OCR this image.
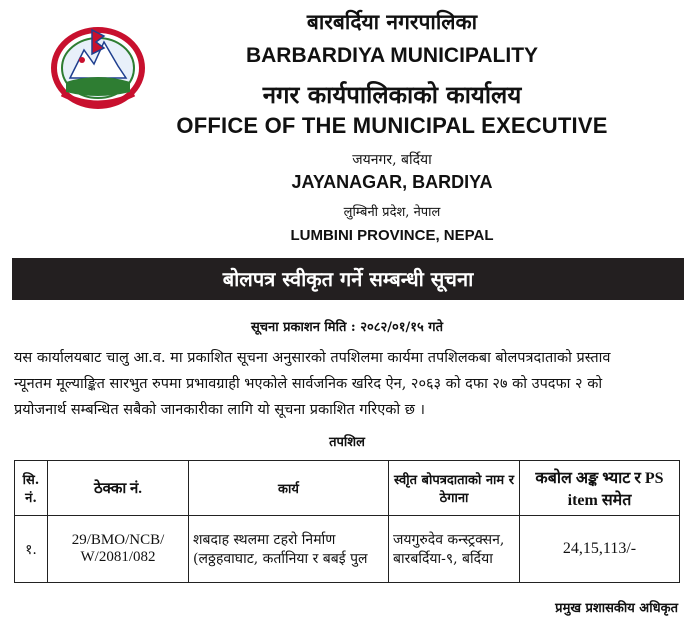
बारबर्दिया नगरपालिका
BARBARDIYA MUNICIPALITY
नगर कार्यपालिकाको कार्यालय
OFFICE OF THE MUNICIPAL EXECUTIVE
जयनगर, बर्दिया
JAYANAGAR, BARDIYA
लुम्बिनी प्रदेश, नेपाल
LUMBINI PROVINCE, NEPAL
बोलपत्र स्वीकृत गर्ने सम्बन्धी सूचना
सूचना प्रकाशन मिति : २०८२/०१/१५ गते
यस कार्यालयबाट चालु आ.व. मा प्रकाशित सूचना अनुसारको तपशिलमा कार्यमा तपशिलकबा बोलपत्रदाताको प्रस्ताव
न्यूनतम मूल्याङ्कित सारभुत रुपमा प्रभावग्राही भएकोले सार्वजनिक खरिद ऐन, २०६३ को दफा २७ को उपदफा २ को
प्रयोजनार्थ सम्बन्धित सबैको जानकारीका लागि यो सूचना प्रकाशित गरिएको छ ।
तपशिल
सि. नं.	ठेक्का नं.	कार्य	स्वीृत बोपत्रदाताको नाम र ठेगाना	कबोल अङ्क भ्याट र PS item समेत
१.	29/BMO/NCB/ W/2081/082	शबदाह स्थलमा टहरो निर्माण (लठ्ठहवाघाट, कर्तानिया र बबई पुल	जयगुरुदेव कन्स्ट्रक्सन, बारबर्दिया-९, बर्दिया	24,15,113/-
प्रमुख प्रशासकीय अधिकृत
